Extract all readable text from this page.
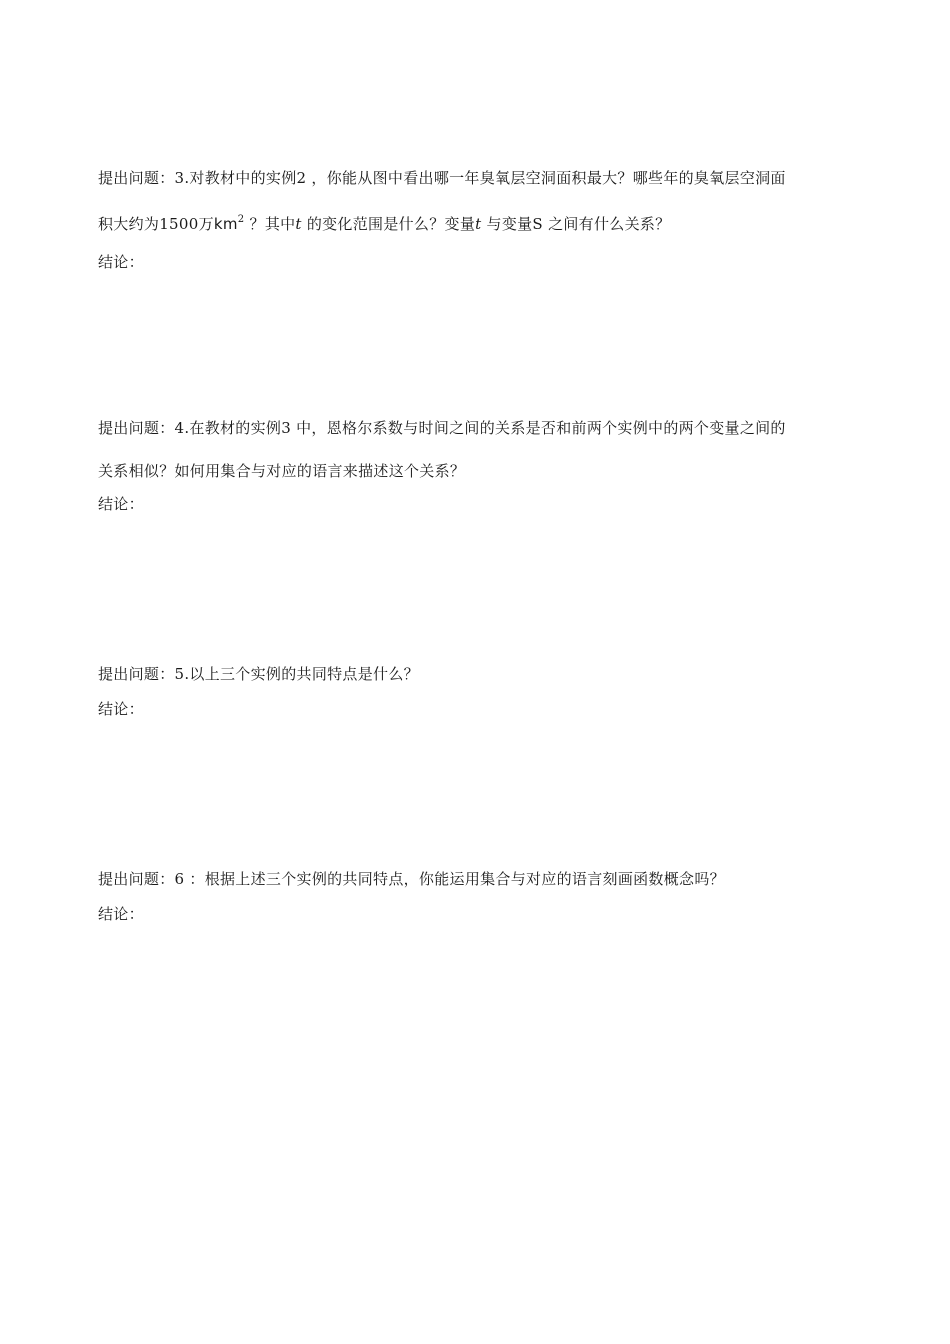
提出问题：3.对教材中的实例2 ，你能从图中看出哪一年臭氧层空洞面积最大？哪些年的臭氧层空洞面
积大约为1500万$km^2$ ？其中t 的变化范围是什么？变量t 与变量S 之间有什么关系？
结论：
提出问题：4.在教材的实例3 中，恩格尔系数与时间之间的关系是否和前两个实例中的两个变量之间的
关系相似？如何用集合与对应的语言来描述这个关系？
结论：
提出问题：5.以上三个实例的共同特点是什么？
结论：
提出问题：6 ：根据上述三个实例的共同特点，你能运用集合与对应的语言刻画函数概念吗？
结论：
